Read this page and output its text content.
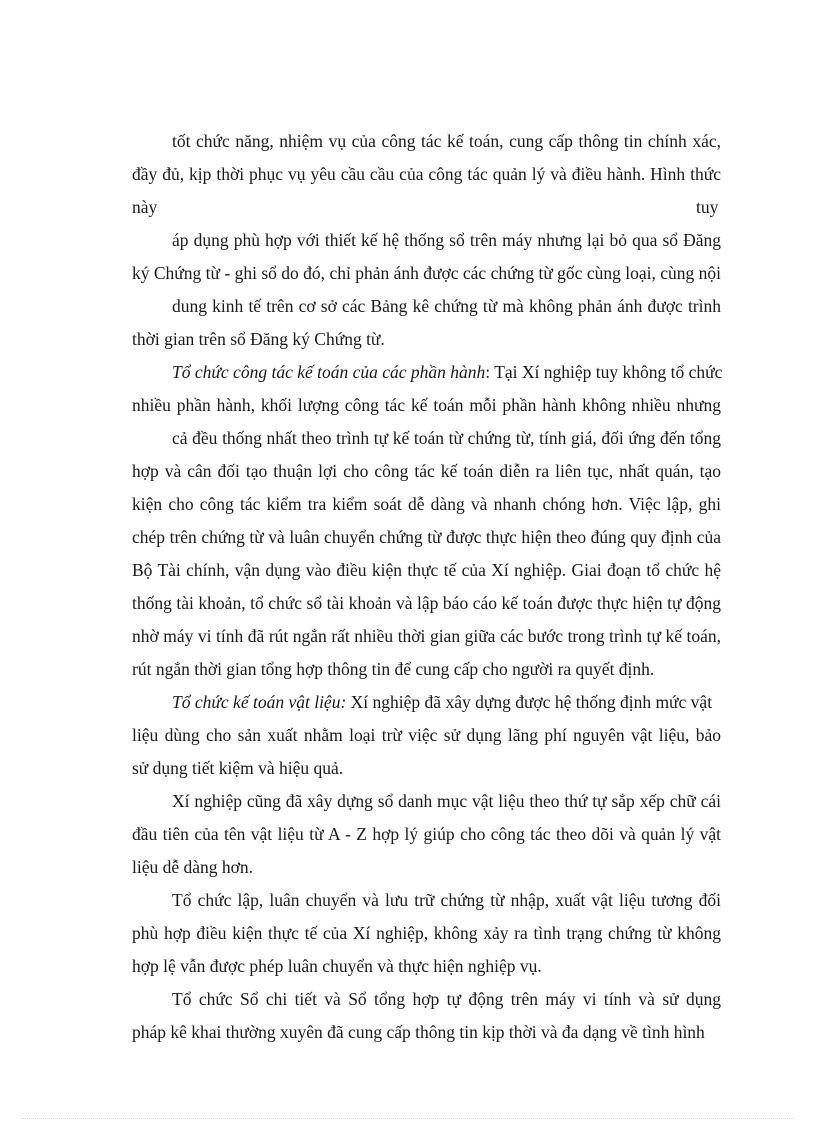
tốt chức năng, nhiệm vụ của công tác kế toán, cung cấp thông tin chính xác,
đầy đủ, kịp thời phục vụ yêu cầu cầu của công tác quản lý và điều hành. Hình thức
này	tuy
áp dụng phù hợp với thiết kế hệ thống sổ trên máy nhưng lại bỏ qua sổ Đăng
ký Chứng từ - ghi sổ do đó, chỉ phản ánh được các chứng từ gốc cùng loại, cùng nội
dung kinh tế trên cơ sở các Bảng kê chứng từ mà không phản ánh được trình
thời gian trên sổ Đăng ký Chứng từ.
Tổ chức công tác kế toán của các phần hành: Tại Xí nghiệp tuy không tổ chức
nhiều phần hành, khối lượng công tác kế toán mỗi phần hành không nhiều nhưng
cả đều thống nhất theo trình tự kế toán từ chứng từ, tính giá, đối ứng đến tổng
hợp và cân đối tạo thuận lợi cho công tác kế toán diễn ra liên tục, nhất quán, tạo
kiện cho công tác kiểm tra kiểm soát dễ dàng và nhanh chóng hơn. Việc lập, ghi
chép trên chứng từ và luân chuyển chứng từ được thực hiện theo đúng quy định của
Bộ Tài chính, vận dụng vào điều kiện thực tế của Xí nghiệp. Giai đoạn tổ chức hệ
thống tài khoản, tổ chức sổ tài khoản và lập báo cáo kế toán được thực hiện tự động
nhờ máy vi tính đã rút ngắn rất nhiều thời gian giữa các bước trong trình tự kế toán,
rút ngắn thời gian tổng hợp thông tin để cung cấp cho người ra quyết định.
Tổ chức kế toán vật liệu: Xí nghiệp đã xây dựng được hệ thống định mức vật
liệu dùng cho sản xuất nhằm loại trừ việc sử dụng lãng phí nguyên vật liệu, bảo
sử dụng tiết kiệm và hiệu quả.
Xí nghiệp cũng đã xây dựng sổ danh mục vật liệu theo thứ tự sắp xếp chữ cái
đầu tiên của tên vật liệu từ A - Z hợp lý giúp cho công tác theo dõi và quản lý vật
liệu dễ dàng hơn.
Tổ chức lập, luân chuyển và lưu trữ chứng từ nhập, xuất vật liệu tương đối
phù hợp điều kiện thực tế của Xí nghiệp, không xảy ra tình trạng chứng từ không
hợp lệ vẫn được phép luân chuyển và thực hiện nghiệp vụ.
Tổ chức Sổ chi tiết và Sổ tổng hợp tự động trên máy vi tính và sử dụng
pháp kê khai thường xuyên đã cung cấp thông tin kịp thời và đa dạng về tình hình
